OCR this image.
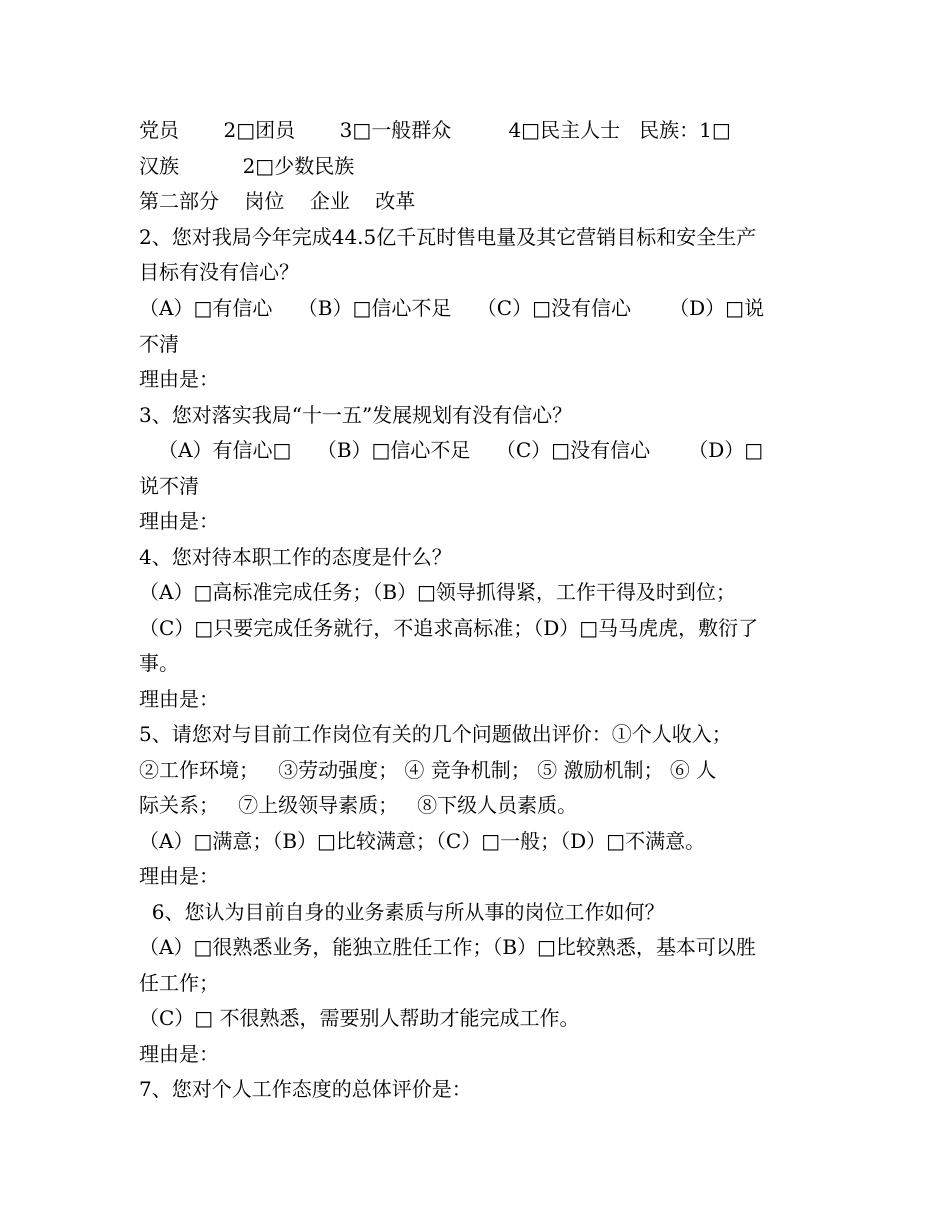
党员       2□团员       3□一般群众         4□民主人士   民族：1□
汉族          2□少数民族
第二部分    岗位    企业    改革
2、您对我局今年完成44.5亿千瓦时售电量及其它营销目标和安全生产
目标有没有信心？
（A）□有信心    （B）□信心不足    （C）□没有信心      （D）□说
不清
理由是：
3、您对落实我局“十一五”发展规划有没有信心？
（A）有信心□    （B）□信心不足    （C）□没有信心      （D）□
说不清
理由是：
4、您对待本职工作的态度是什么？
（A）□高标准完成任务；（B）□领导抓得紧，工作干得及时到位；
（C）□只要完成任务就行，不追求高标准；（D）□马马虎虎，敷衍了
事。
理由是：
5、请您对与目前工作岗位有关的几个问题做出评价：①个人收入；
②工作环境；   ③劳动强度； ④ 竞争机制； ⑤ 激励机制； ⑥ 人
际关系；   ⑦上级领导素质；   ⑧下级人员素质。
（A）□满意；（B）□比较满意；（C）□一般；（D）□不满意。
理由是：
6、您认为目前自身的业务素质与所从事的岗位工作如何？
（A）□很熟悉业务，能独立胜任工作；（B）□比较熟悉，基本可以胜
任工作；
（C）□ 不很熟悉，需要别人帮助才能完成工作。
理由是：
7、您对个人工作态度的总体评价是：
